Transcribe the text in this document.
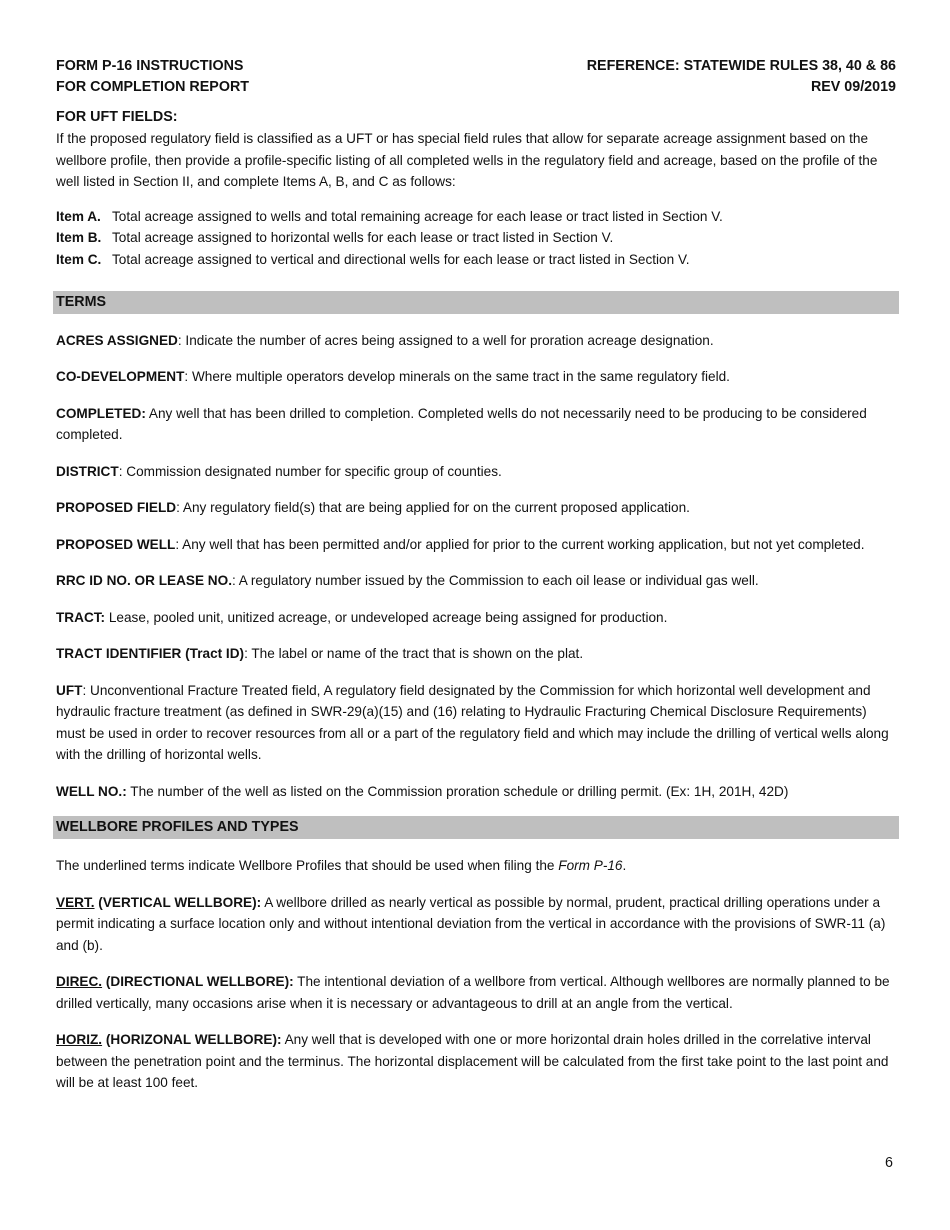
FORM P-16 INSTRUCTIONS
FOR COMPLETION REPORT
REFERENCE: STATEWIDE RULES 38, 40 & 86
REV 09/2019
FOR UFT FIELDS:

If the proposed regulatory field is classified as a UFT or has special field rules that allow for separate acreage assignment based on the wellbore profile, then provide a profile-specific listing of all completed wells in the regulatory field and acreage, based on the profile of the well listed in Section II, and complete Items A, B, and C as follows:

Item A. Total acreage assigned to wells and total remaining acreage for each lease or tract listed in Section V.
Item B. Total acreage assigned to horizontal wells for each lease or tract listed in Section V.
Item C. Total acreage assigned to vertical and directional wells for each lease or tract listed in Section V.
TERMS

ACRES ASSIGNED: Indicate the number of acres being assigned to a well for proration acreage designation.

CO-DEVELOPMENT: Where multiple operators develop minerals on the same tract in the same regulatory field.

COMPLETED: Any well that has been drilled to completion. Completed wells do not necessarily need to be producing to be considered completed.

DISTRICT: Commission designated number for specific group of counties.

PROPOSED FIELD: Any regulatory field(s) that are being applied for on the current proposed application.

PROPOSED WELL: Any well that has been permitted and/or applied for prior to the current working application, but not yet completed.

RRC ID NO. OR LEASE NO.: A regulatory number issued by the Commission to each oil lease or individual gas well.

TRACT: Lease, pooled unit, unitized acreage, or undeveloped acreage being assigned for production.

TRACT IDENTIFIER (Tract ID): The label or name of the tract that is shown on the plat.

UFT: Unconventional Fracture Treated field, A regulatory field designated by the Commission for which horizontal well development and hydraulic fracture treatment (as defined in SWR-29(a)(15) and (16) relating to Hydraulic Fracturing Chemical Disclosure Requirements) must be used in order to recover resources from all or a part of the regulatory field and which may include the drilling of vertical wells along with the drilling of horizontal wells.

WELL NO.: The number of the well as listed on the Commission proration schedule or drilling permit. (Ex: 1H, 201H, 42D)

WELLBORE PROFILES AND TYPES

The underlined terms indicate Wellbore Profiles that should be used when filing the Form P-16.

VERT. (VERTICAL WELLBORE): A wellbore drilled as nearly vertical as possible by normal, prudent, practical drilling operations under a permit indicating a surface location only and without intentional deviation from the vertical in accordance with the provisions of SWR-11 (a) and (b).

DIREC. (DIRECTIONAL WELLBORE): The intentional deviation of a wellbore from vertical. Although wellbores are normally planned to be drilled vertically, many occasions arise when it is necessary or advantageous to drill at an angle from the vertical.

HORIZ. (HORIZONAL WELLBORE): Any well that is developed with one or more horizontal drain holes drilled in the correlative interval between the penetration point and the terminus. The horizontal displacement will be calculated from the first take point to the last point and will be at least 100 feet.

6
